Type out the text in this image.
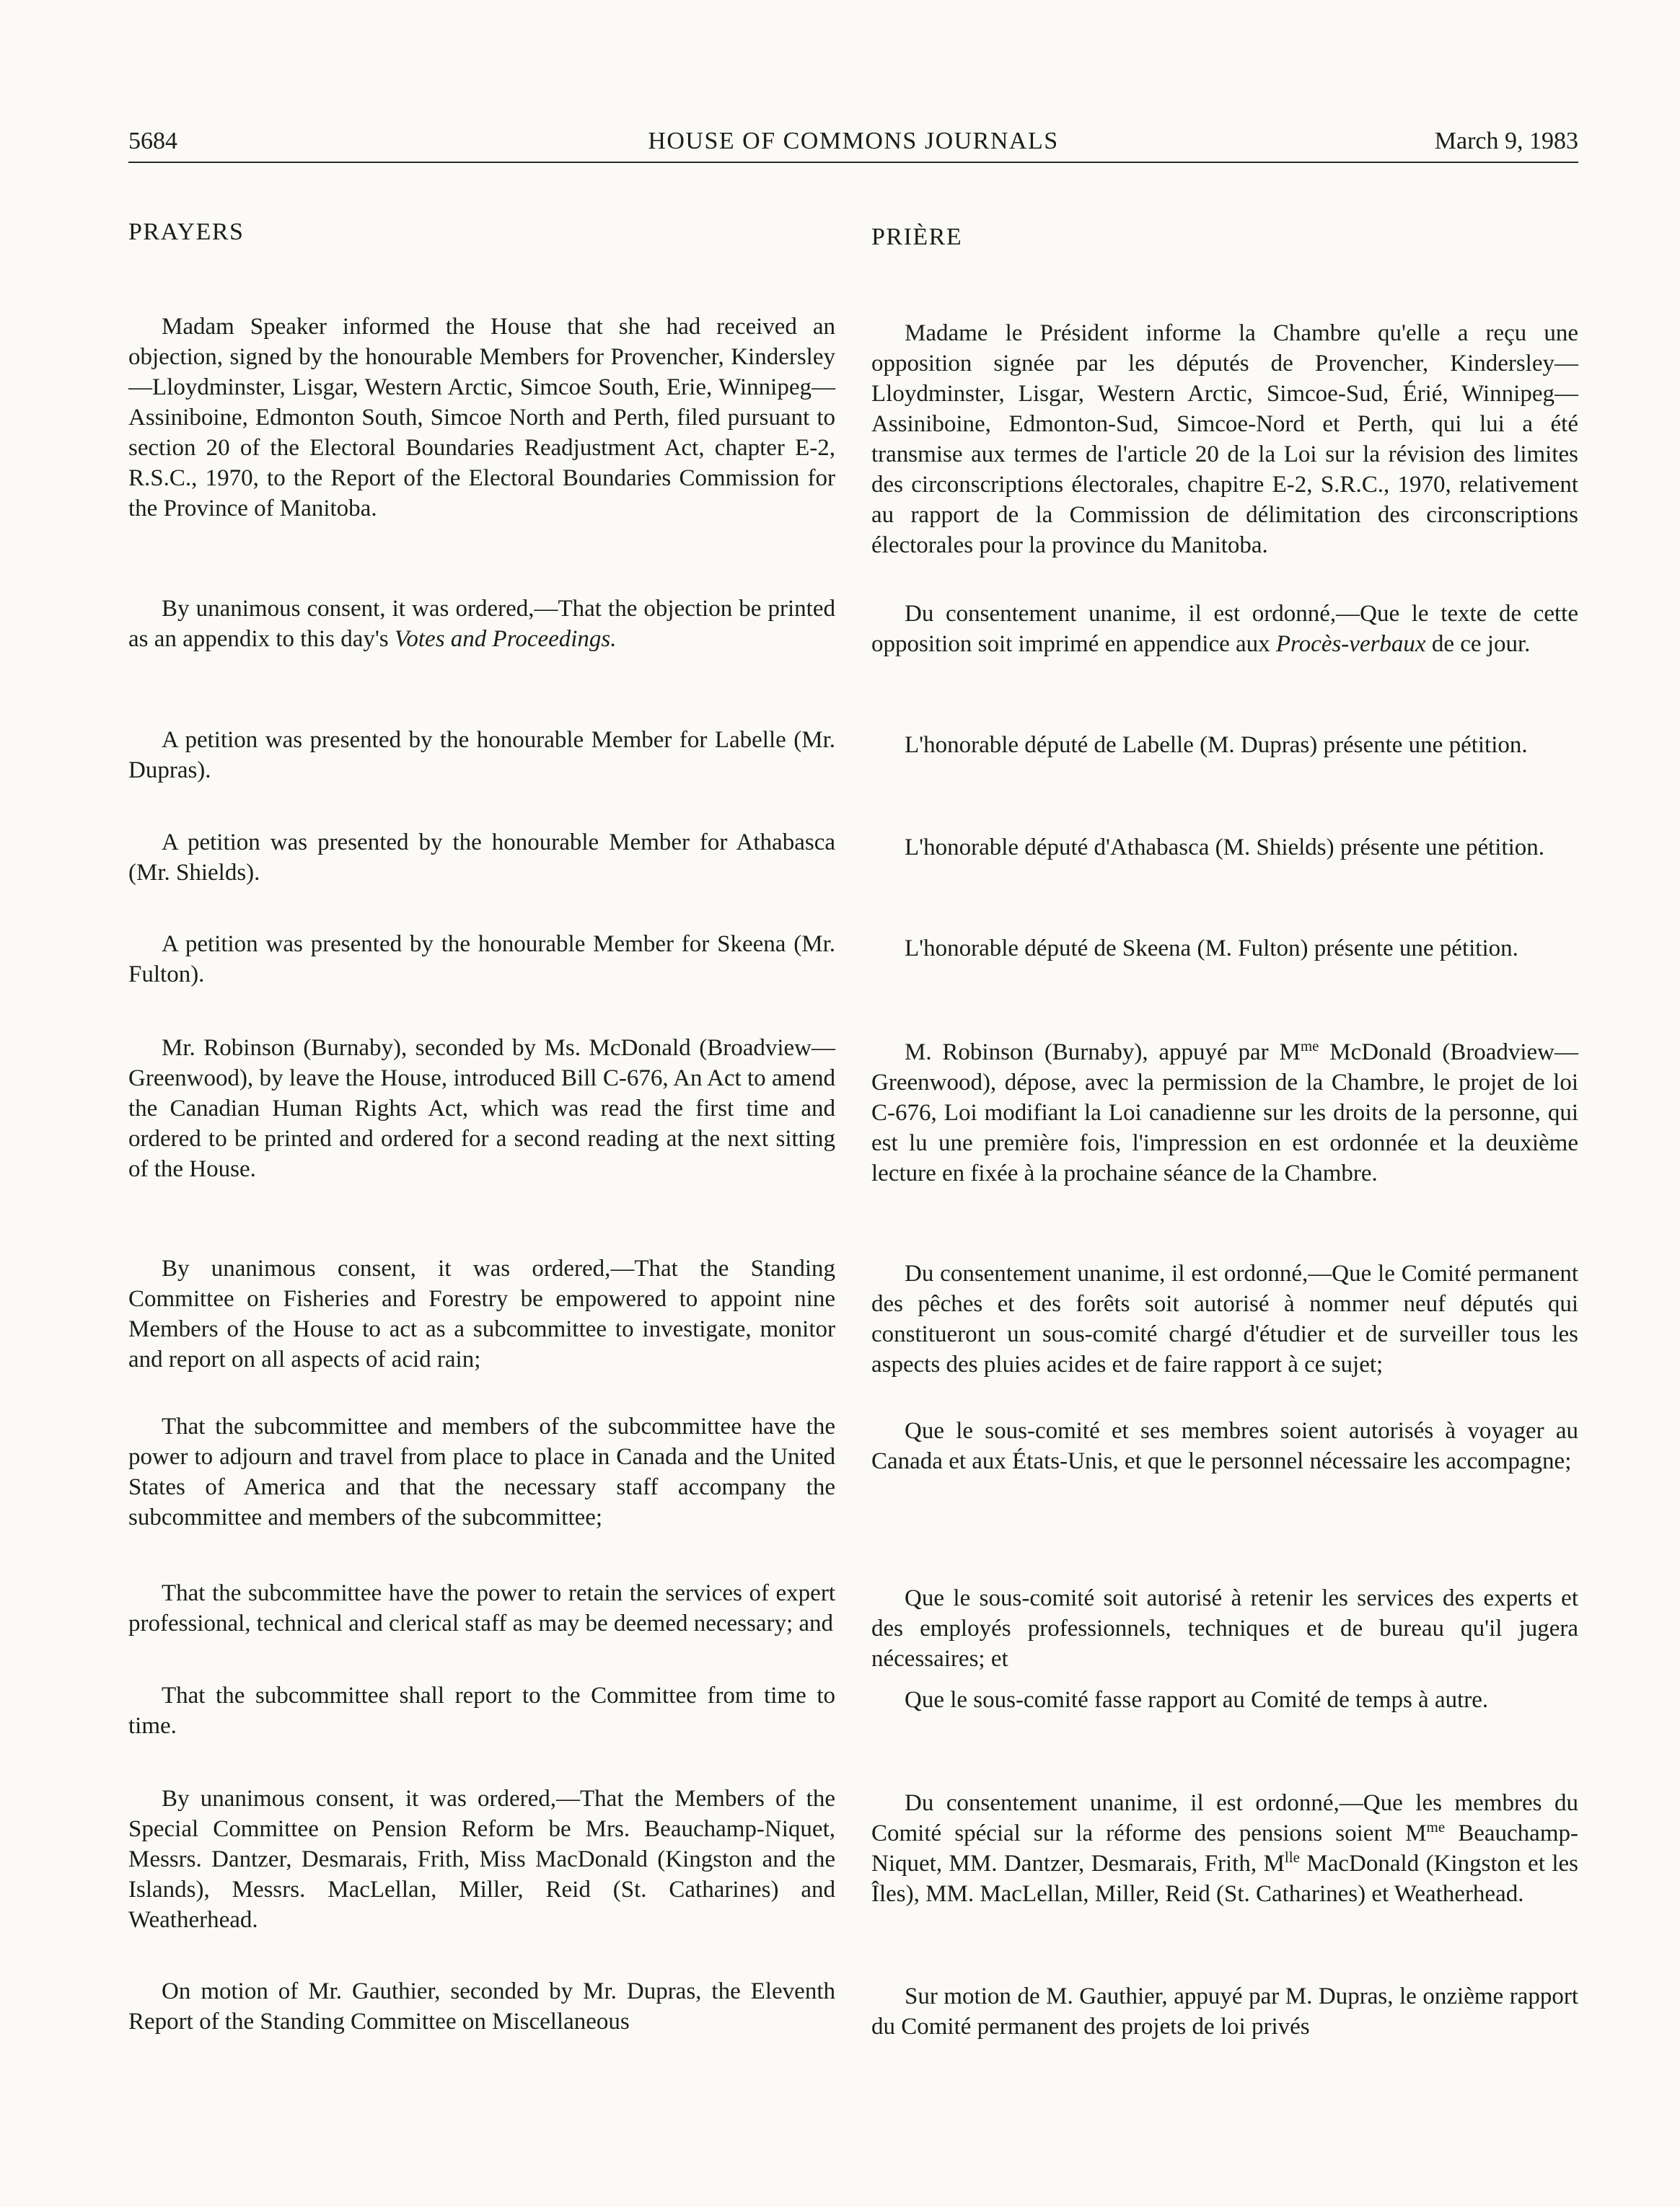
5684	HOUSE OF COMMONS JOURNALS	March 9, 1983
PRAYERS

Madam Speaker informed the House that she had received an objection, signed by the honourable Members for Provencher, Kindersley—Lloydminster, Lisgar, Western Arctic, Simcoe South, Erie, Winnipeg—Assiniboine, Edmonton South, Simcoe North and Perth, filed pursuant to section 20 of the Electoral Boundaries Readjustment Act, chapter E-2, R.S.C., 1970, to the Report of the Electoral Boundaries Commission for the Province of Manitoba.

By unanimous consent, it was ordered,—That the objection be printed as an appendix to this day's Votes and Proceedings.

A petition was presented by the honourable Member for Labelle (Mr. Dupras).

A petition was presented by the honourable Member for Athabasca (Mr. Shields).

A petition was presented by the honourable Member for Skeena (Mr. Fulton).

Mr. Robinson (Burnaby), seconded by Ms. McDonald (Broadview—Greenwood), by leave the House, introduced Bill C-676, An Act to amend the Canadian Human Rights Act, which was read the first time and ordered to be printed and ordered for a second reading at the next sitting of the House.

By unanimous consent, it was ordered,—That the Standing Committee on Fisheries and Forestry be empowered to appoint nine Members of the House to act as a subcommittee to investigate, monitor and report on all aspects of acid rain;

That the subcommittee and members of the subcommittee have the power to adjourn and travel from place to place in Canada and the United States of America and that the necessary staff accompany the subcommittee and members of the subcommittee;

That the subcommittee have the power to retain the services of expert professional, technical and clerical staff as may be deemed necessary; and

That the subcommittee shall report to the Committee from time to time.

By unanimous consent, it was ordered,—That the Members of the Special Committee on Pension Reform be Mrs. Beauchamp-Niquet, Messrs. Dantzer, Desmarais, Frith, Miss MacDonald (Kingston and the Islands), Messrs. MacLellan, Miller, Reid (St. Catharines) and Weatherhead.

On motion of Mr. Gauthier, seconded by Mr. Dupras, the Eleventh Report of the Standing Committee on Miscellaneous

PRIÈRE

Madame le Président informe la Chambre qu'elle a reçu une opposition signée par les députés de Provencher, Kindersley—Lloydminster, Lisgar, Western Arctic, Simcoe-Sud, Érié, Winnipeg—Assiniboine, Edmonton-Sud, Simcoe-Nord et Perth, qui lui a été transmise aux termes de l'article 20 de la Loi sur la révision des limites des circonscriptions électorales, chapitre E-2, S.R.C., 1970, relativement au rapport de la Commission de délimitation des circonscriptions électorales pour la province du Manitoba.

Du consentement unanime, il est ordonné,—Que le texte de cette opposition soit imprimé en appendice aux Procès-verbaux de ce jour.

L'honorable député de Labelle (M. Dupras) présente une pétition.

L'honorable député d'Athabasca (M. Shields) présente une pétition.

L'honorable député de Skeena (M. Fulton) présente une pétition.

M. Robinson (Burnaby), appuyé par $M^{me}$ McDonald (Broadview—Greenwood), dépose, avec la permission de la Chambre, le projet de loi C-676, Loi modifiant la Loi canadienne sur les droits de la personne, qui est lu une première fois, l'impression en est ordonnée et la deuxième lecture en fixée à la prochaine séance de la Chambre.

Du consentement unanime, il est ordonné,—Que le Comité permanent des pêches et des forêts soit autorisé à nommer neuf députés qui constitueront un sous-comité chargé d'étudier et de surveiller tous les aspects des pluies acides et de faire rapport à ce sujet;

Que le sous-comité et ses membres soient autorisés à voyager au Canada et aux États-Unis, et que le personnel nécessaire les accompagne;

Que le sous-comité soit autorisé à retenir les services des experts et des employés professionnels, techniques et de bureau qu'il jugera nécessaires; et

Que le sous-comité fasse rapport au Comité de temps à autre.

Du consentement unanime, il est ordonné,—Que les membres du Comité spécial sur la réforme des pensions soient $M^{me}$ Beauchamp-Niquet, MM. Dantzer, Desmarais, Frith, $M^{lle}$ MacDonald (Kingston et les Îles), MM. MacLellan, Miller, Reid (St. Catharines) et Weatherhead.

Sur motion de M. Gauthier, appuyé par M. Dupras, le onzième rapport du Comité permanent des projets de loi privés
